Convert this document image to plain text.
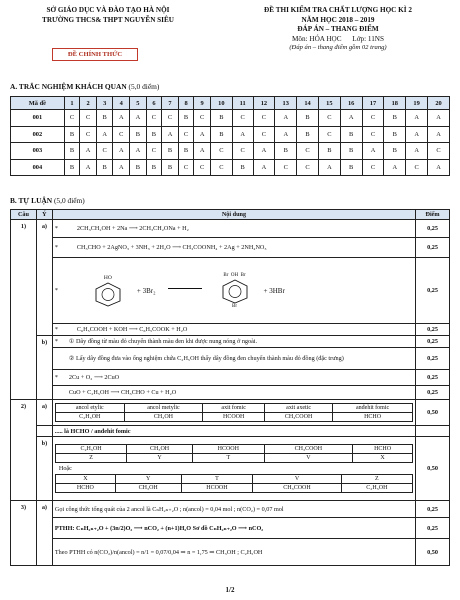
SỞ GIÁO DỤC VÀ ĐÀO TẠO HÀ NỘI
TRƯỜNG THCS& THPT NGUYỄN SIÊU
ĐỀ CHÍNH THỨC
ĐỀ THI KIỂM TRA CHẤT LƯỢNG HỌC KÌ 2
NĂM HỌC 2018 – 2019
ĐÁP ÁN – THANG ĐIỂM
Môn: HÓA HỌC      Lớp: 11NS
(Đáp án – thang điểm gồm 02 trang)
A. TRẮC NGHIỆM KHÁCH QUAN (5,0 điểm)
Mã đề	1	2	3	4	5	6	7	8	9	10	11	12	13	14	15	16	17	18	19	20
001	C	C	B	A	A	C	C	B	C	B	C	C	A	B	C	A	C	B	A	A
002	B	C	A	C	B	B	A	C	A	B	A	C	A	B	C	B	C	B	A	A
003	B	A	C	A	A	C	B	B	A	C	C	A	B	C	B	B	A	B	A	C
004	B	A	B	A	B	B	B	C	C	C	B	A	C	C	A	B	C	A	C	A
B. TỰ LUẬN (5,0 điểm)
Câu	Ý	Nội dung	Điểm
1)	a)	*	2CH₃CH₂OH + 2Na ⟶ 2CH₃CH₂ONa + H₂	0,25

*	CH₃CHO + 2AgNO₃ + 3NH₃ + 2H₂O ⟶ CH₃COONH₄ + 2Ag + 2NH₄NO₃	0,25

*
HO
+ 3Br₂
Br  OH  Br
Br
+ 3HBr	0,25

*	C₆H₅COOH + KOH ⟶ C₆H₅COOK + H₂O	0,25
b)	*	① Dây đồng từ màu đỏ chuyển thành màu đen khi được nung nóng ở ngoài.	0,25

② Lấy dây đồng đưa vào ống nghiệm chứa C₂H₅OH thấy dây đồng đen chuyển thành màu đỏ đồng (đặc trưng)	0,25

*	2Cu + O₂ ⟶ 2CuO	0,25

CuO + C₂H₅OH ⟶ CH₃CHO + Cu + H₂O	0,25
2)	a)		ancol etylic	ancol metylic	axit fomic	axit axetic	anđehit fomic
C₂H₅OH	CH₃OH	HCOOH	CH₃COOH	HCHO
	0,50
	..... là HCHO / anđehit fomic	
b)	
C₂H₅OH	CH₃OH	HCOOH	CH₃COOH	HCHO
Z	Y	T	V	X
Hoặc
X	Y	T	V	Z
HCHO	CH₃OH	HCOOH	CH₃COOH	C₂H₅OH
	0,50
3)	a)	Gọi công thức tổng quát của 2 ancol là CₙH₂ₙ₊₂O ; n(ancol) = 0,04 mol ; n(CO₂) = 0,07 mol	0,25
PTHH: CₙH₂ₙ₊₂O + (3n/2)O₂ ⟶ nCO₂ + (n+1)H₂O Sơ đồ CₙH₂ₙ₊₂O ⟶ nCO₂	0,25
Theo PTHH có n(CO₂)/n(ancol) = n/1 = 0,07/0,04 ⇒ n = 1,75 ⇒ CH₃OH ; C₂H₅OH	0,50
1/2
